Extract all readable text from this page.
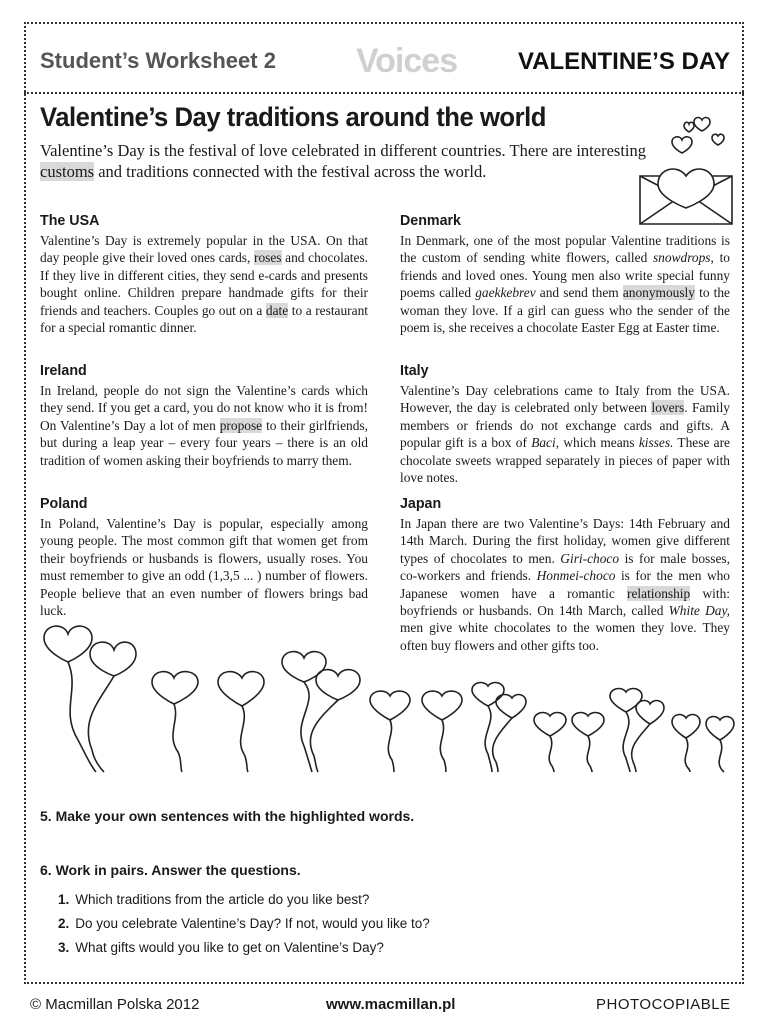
Student’s Worksheet 2 Voices	VALENTINE’S DAY
Valentine’s Day traditions around the world
Valentine’s Day is the festival of love celebrated in different countries. There are interesting customs and traditions connected with the festival across the world.
The USA

Valentine’s Day is extremely popular in the USA. On that day people give their loved ones cards, roses and chocolates. If they live in different cities, they send e-cards and presents bought online. Children prepare handmade gifts for their friends and teachers. Couples go out on a date to a restaurant for a special romantic dinner.

Ireland

In Ireland, people do not sign the Valentine’s cards which they send. If you get a card, you do not know who it is from! On Valentine’s Day a lot of men propose to their girlfriends, but during a leap year – every four years – there is an old tradition of women asking their boyfriends to marry them.

Poland

In Poland, Valentine’s Day is popular, especially among young people. The most common gift that women get from their boyfriends or husbands is flowers, usually roses. You must remember to give an odd (1,3,5 ... ) number of flowers. People believe that an even number of flowers brings bad luck.

Denmark

In Denmark, one of the most popular Valentine traditions is the custom of sending white flowers, called snowdrops, to friends and loved ones. Young men also write special funny poems called gaekkebrev and send them anonymously to the woman they love. If a girl can guess who the sender of the poem is, she receives a chocolate Easter Egg at Easter time.

Italy

Valentine’s Day celebrations came to Italy from the USA. However, the day is celebrated only between lovers. Family members or friends do not exchange cards and gifts. A popular gift is a box of Baci, which means kisses. These are chocolate sweets wrapped separately in pieces of paper with love notes.

Japan

In Japan there are two Valentine’s Days: 14th February and 14th March. During the first holiday, women give different types of chocolates to men. Giri-choco is for male bosses, co-workers and friends. Honmei-choco is for the men who Japanese women have a romantic relationship with: boyfriends or husbands. On 14th March, called White Day, men give white chocolates to the women they love. They often buy flowers and other gifts too.

5. Make your own sentences with the highlighted words.
6. Work in pairs. Answer the questions.
1. Which traditions from the article do you like best?
2. Do you celebrate Valentine’s Day? If not, would you like to?
3. What gifts would you like to get on Valentine’s Day?
© Macmillan Polska 2012	www.macmillan.pl	PHOTOCOPIABLE
